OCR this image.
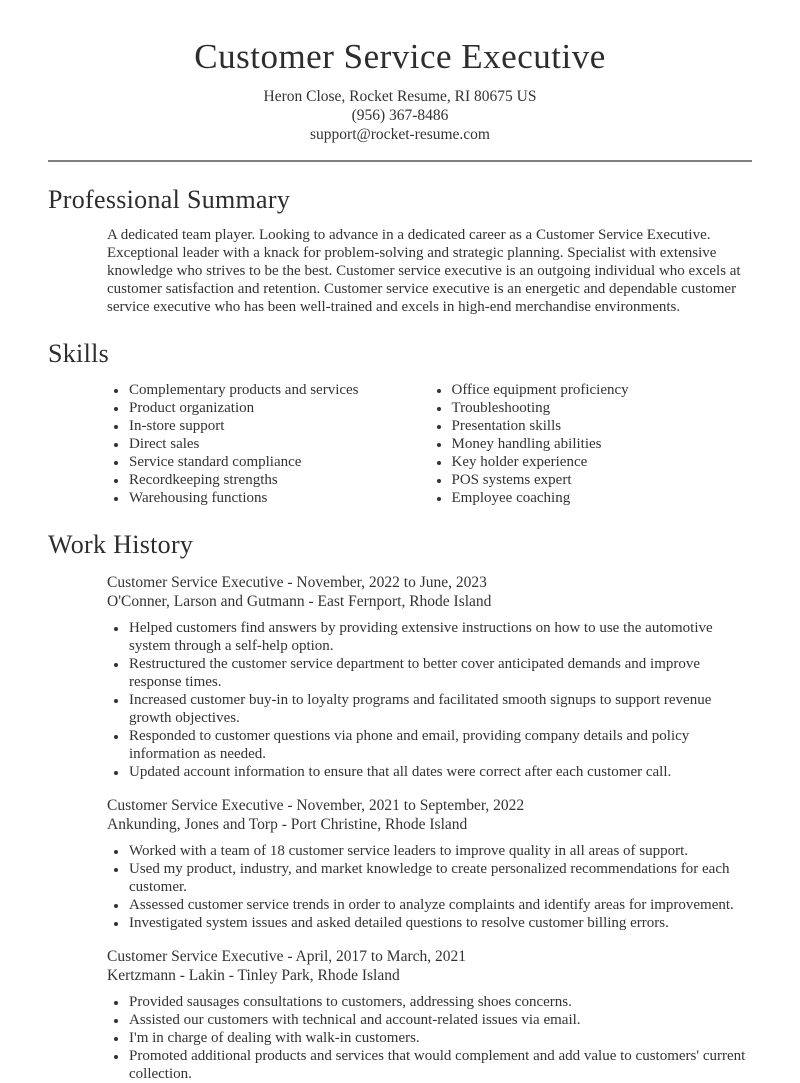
Customer Service Executive
Heron Close, Rocket Resume, RI 80675 US
(956) 367-8486
support@rocket-resume.com
Professional Summary

A dedicated team player. Looking to advance in a dedicated career as a Customer Service Executive. Exceptional leader with a knack for problem-solving and strategic planning. Specialist with extensive knowledge who strives to be the best. Customer service executive is an outgoing individual who excels at customer satisfaction and retention. Customer service executive is an energetic and dependable customer service executive who has been well-trained and excels in high-end merchandise environments.

Skills
• Complementary products and services
• Product organization
• In-store support
• Direct sales
• Service standard compliance
• Recordkeeping strengths
• Warehousing functions
• Office equipment proficiency
• Troubleshooting
• Presentation skills
• Money handling abilities
• Key holder experience
• POS systems expert
• Employee coaching
Work History
Customer Service Executive - November, 2022 to June, 2023
O'Conner, Larson and Gutmann - East Fernport, Rhode Island
• Helped customers find answers by providing extensive instructions on how to use the automotive system through a self-help option.
• Restructured the customer service department to better cover anticipated demands and improve response times.
• Increased customer buy-in to loyalty programs and facilitated smooth signups to support revenue growth objectives.
• Responded to customer questions via phone and email, providing company details and policy information as needed.
• Updated account information to ensure that all dates were correct after each customer call.
Customer Service Executive - November, 2021 to September, 2022
Ankunding, Jones and Torp - Port Christine, Rhode Island
• Worked with a team of 18 customer service leaders to improve quality in all areas of support.
• Used my product, industry, and market knowledge to create personalized recommendations for each customer.
• Assessed customer service trends in order to analyze complaints and identify areas for improvement.
• Investigated system issues and asked detailed questions to resolve customer billing errors.
Customer Service Executive - April, 2017 to March, 2021
Kertzmann - Lakin - Tinley Park, Rhode Island
• Provided sausages consultations to customers, addressing shoes concerns.
• Assisted our customers with technical and account-related issues via email.
• I'm in charge of dealing with walk-in customers.
• Promoted additional products and services that would complement and add value to customers' current collection.
